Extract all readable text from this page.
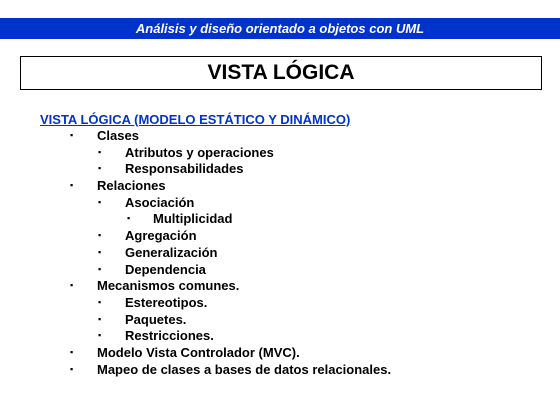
Análisis y diseño orientado a objetos con UML
VISTA LÓGICA
VISTA LÓGICA (MODELO ESTÁTICO Y DINÁMICO)
▪ Clases
▪ Atributos y operaciones
▪ Responsabilidades
▪ Relaciones
▪ Asociación
▪ Multiplicidad
▪ Agregación
▪ Generalización
▪ Dependencia
▪ Mecanismos comunes.
▪ Estereotipos.
▪ Paquetes.
▪ Restricciones.
▪ Modelo Vista Controlador (MVC).
▪ Mapeo de clases a bases de datos relacionales.
